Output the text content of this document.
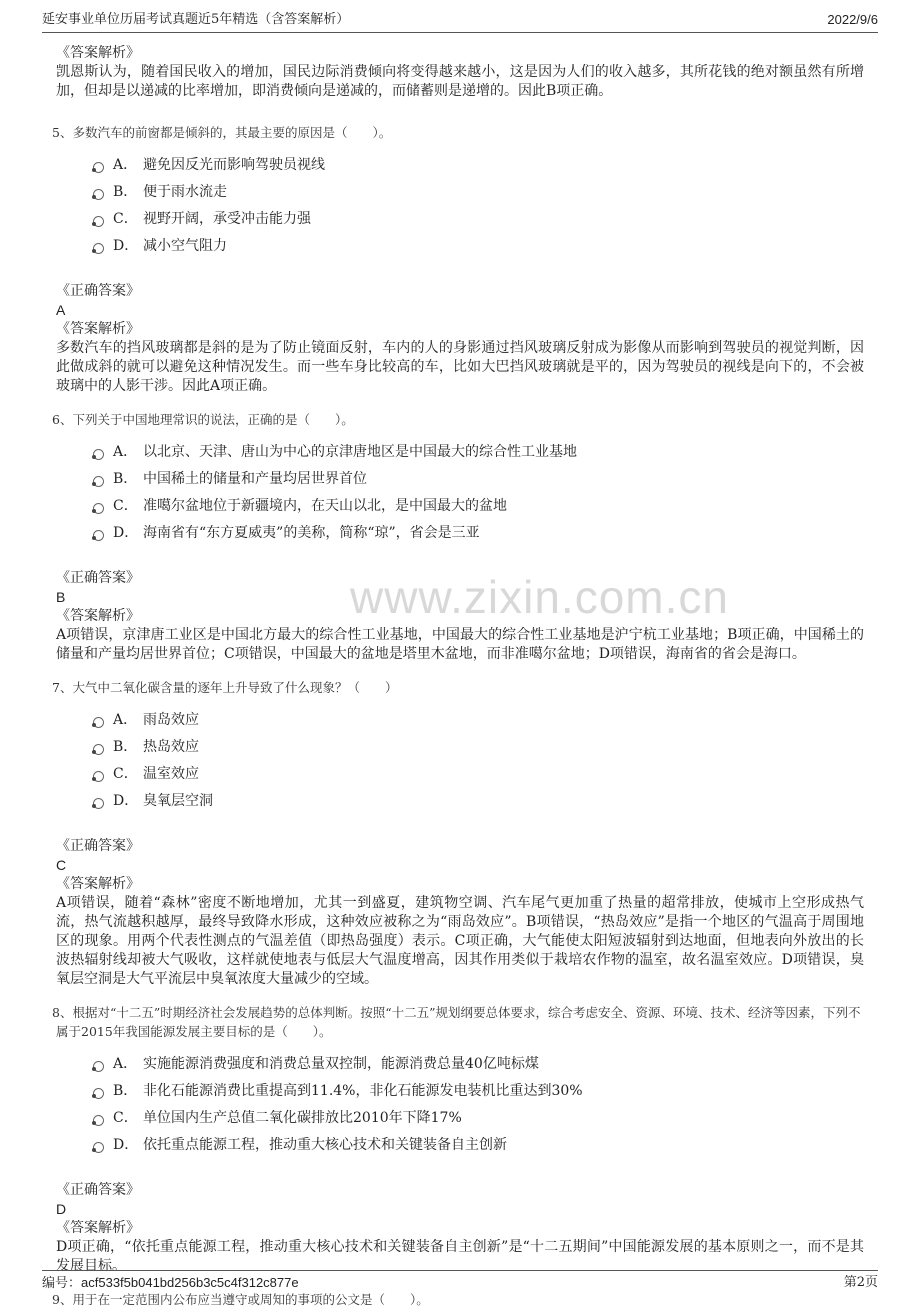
延安事业单位历届考试真题近5年精选（含答案解析）	2022/9/6
www.zixin.com.cn
《答案解析》
凯恩斯认为，随着国民收入的增加，国民边际消费倾向将变得越来越小，这是因为人们的收入越多，其所花钱的绝对额虽然有所增加，但却是以递减的比率增加，即消费倾向是递减的，而储蓄则是递增的。因此B项正确。
5、多数汽车的前窗都是倾斜的，其最主要的原因是（　　）。
A． 避免因反光而影响驾驶员视线
B． 便于雨水流走
C． 视野开阔，承受冲击能力强
D． 减小空气阻力
《正确答案》
A
《答案解析》
多数汽车的挡风玻璃都是斜的是为了防止镜面反射，车内的人的身影通过挡风玻璃反射成为影像从而影响到驾驶员的视觉判断，因此做成斜的就可以避免这种情况发生。而一些车身比较高的车，比如大巴挡风玻璃就是平的，因为驾驶员的视线是向下的，不会被玻璃中的人影干涉。因此A项正确。
6、下列关于中国地理常识的说法，正确的是（　　）。
A． 以北京、天津、唐山为中心的京津唐地区是中国最大的综合性工业基地
B． 中国稀土的储量和产量均居世界首位
C． 准噶尔盆地位于新疆境内，在天山以北，是中国最大的盆地
D． 海南省有“东方夏威夷”的美称，简称“琼”，省会是三亚
《正确答案》
B
《答案解析》
A项错误，京津唐工业区是中国北方最大的综合性工业基地，中国最大的综合性工业基地是沪宁杭工业基地；B项正确，中国稀土的储量和产量均居世界首位；C项错误，中国最大的盆地是塔里木盆地，而非准噶尔盆地；D项错误，海南省的省会是海口。
7、大气中二氧化碳含量的逐年上升导致了什么现象？（　　）
A． 雨岛效应
B． 热岛效应
C． 温室效应
D． 臭氧层空洞
《正确答案》
C
《答案解析》
A项错误，随着“森林”密度不断地增加，尤其一到盛夏，建筑物空调、汽车尾气更加重了热量的超常排放，使城市上空形成热气流，热气流越积越厚，最终导致降水形成，这种效应被称之为“雨岛效应”。B项错误，“热岛效应”是指一个地区的气温高于周围地区的现象。用两个代表性测点的气温差值（即热岛强度）表示。C项正确，大气能使太阳短波辐射到达地面，但地表向外放出的长波热辐射线却被大气吸收，这样就使地表与低层大气温度增高，因其作用类似于栽培农作物的温室，故名温室效应。D项错误，臭氧层空洞是大气平流层中臭氧浓度大量减少的空域。
8、根据对“十二五”时期经济社会发展趋势的总体判断。按照“十二五”规划纲要总体要求，综合考虑安全、资源、环境、技术、经济等因素，下列不属于2015年我国能源发展主要目标的是（　　）。
A． 实施能源消费强度和消费总量双控制，能源消费总量40亿吨标煤
B． 非化石能源消费比重提高到11.4%，非化石能源发电装机比重达到30%
C． 单位国内生产总值二氧化碳排放比2010年下降17%
D． 依托重点能源工程，推动重大核心技术和关键装备自主创新
《正确答案》
D
《答案解析》
D项正确，“依托重点能源工程，推动重大核心技术和关键装备自主创新”是“十二五期间”中国能源发展的基本原则之一，而不是其发展目标。
9、用于在一定范围内公布应当遵守或周知的事项的公文是（　　）。
编号：acf533f5b041bd256b3c5c4f312c877e	第2页
